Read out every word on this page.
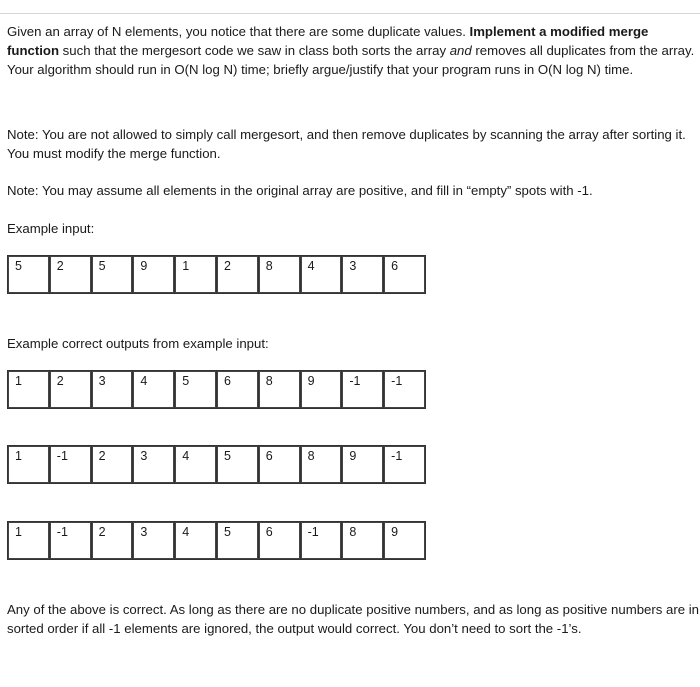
Given an array of N elements, you notice that there are some duplicate values. Implement a modified merge function such that the mergesort code we saw in class both sorts the array and removes all duplicates from the array. Your algorithm should run in O(N log N) time; briefly argue/justify that your program runs in O(N log N) time.
Note: You are not allowed to simply call mergesort, and then remove duplicates by scanning the array after sorting it. You must modify the merge function.
Note: You may assume all elements in the original array are positive, and fill in “empty” spots with -1.
Example input:
5	2	5	9	1	2	8	4	3	6
Example correct outputs from example input:
1	2	3	4	5	6	8	9	-1	-1
1	-1	2	3	4	5	6	8	9	-1
1	-1	2	3	4	5	6	-1	8	9
Any of the above is correct. As long as there are no duplicate positive numbers, and as long as positive numbers are in sorted order if all -1 elements are ignored, the output would correct. You don’t need to sort the -1’s.
